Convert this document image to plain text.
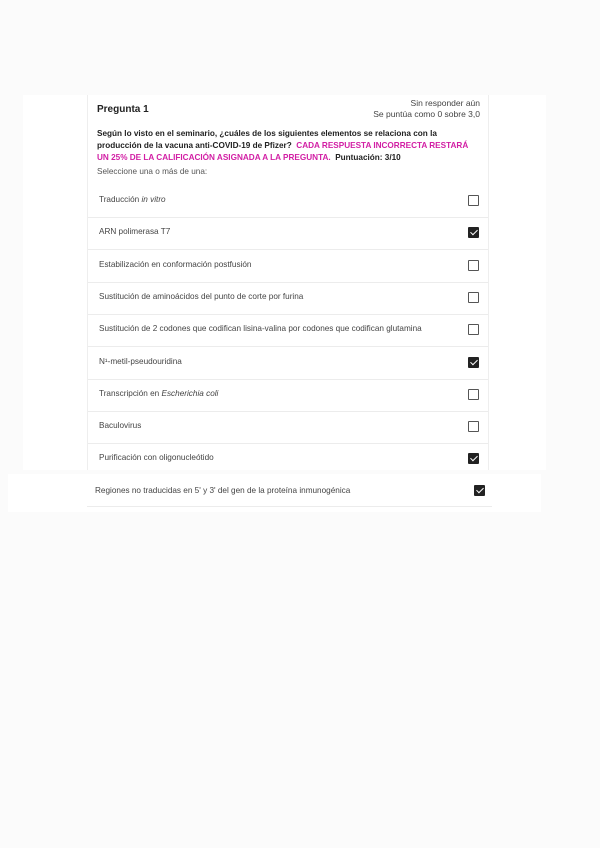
Pregunta 1
Sin responder aún
Se puntúa como 0 sobre 3,0
Según lo visto en el seminario, ¿cuáles de los siguientes elementos se relaciona con la producción de la vacuna anti-COVID-19 de Pfizer? CADA RESPUESTA INCORRECTA RESTARÁ UN 25% DE LA CALIFICACIÓN ASIGNADA A LA PREGUNTA. Puntuación: 3/10
Seleccione una o más de una:
Traducción in vitro
ARN polimerasa T7
Estabilización en conformación postfusión
Sustitución de aminoácidos del punto de corte por furina
Sustitución de 2 codones que codifican lisina-valina por codones que codifican glutamina
N¹-metil-pseudouridina
Transcripción en Escherichia coli
Baculovirus
Purificación con oligonucleótido
Regiones no traducidas en 5' y 3' del gen de la proteína inmunogénica
